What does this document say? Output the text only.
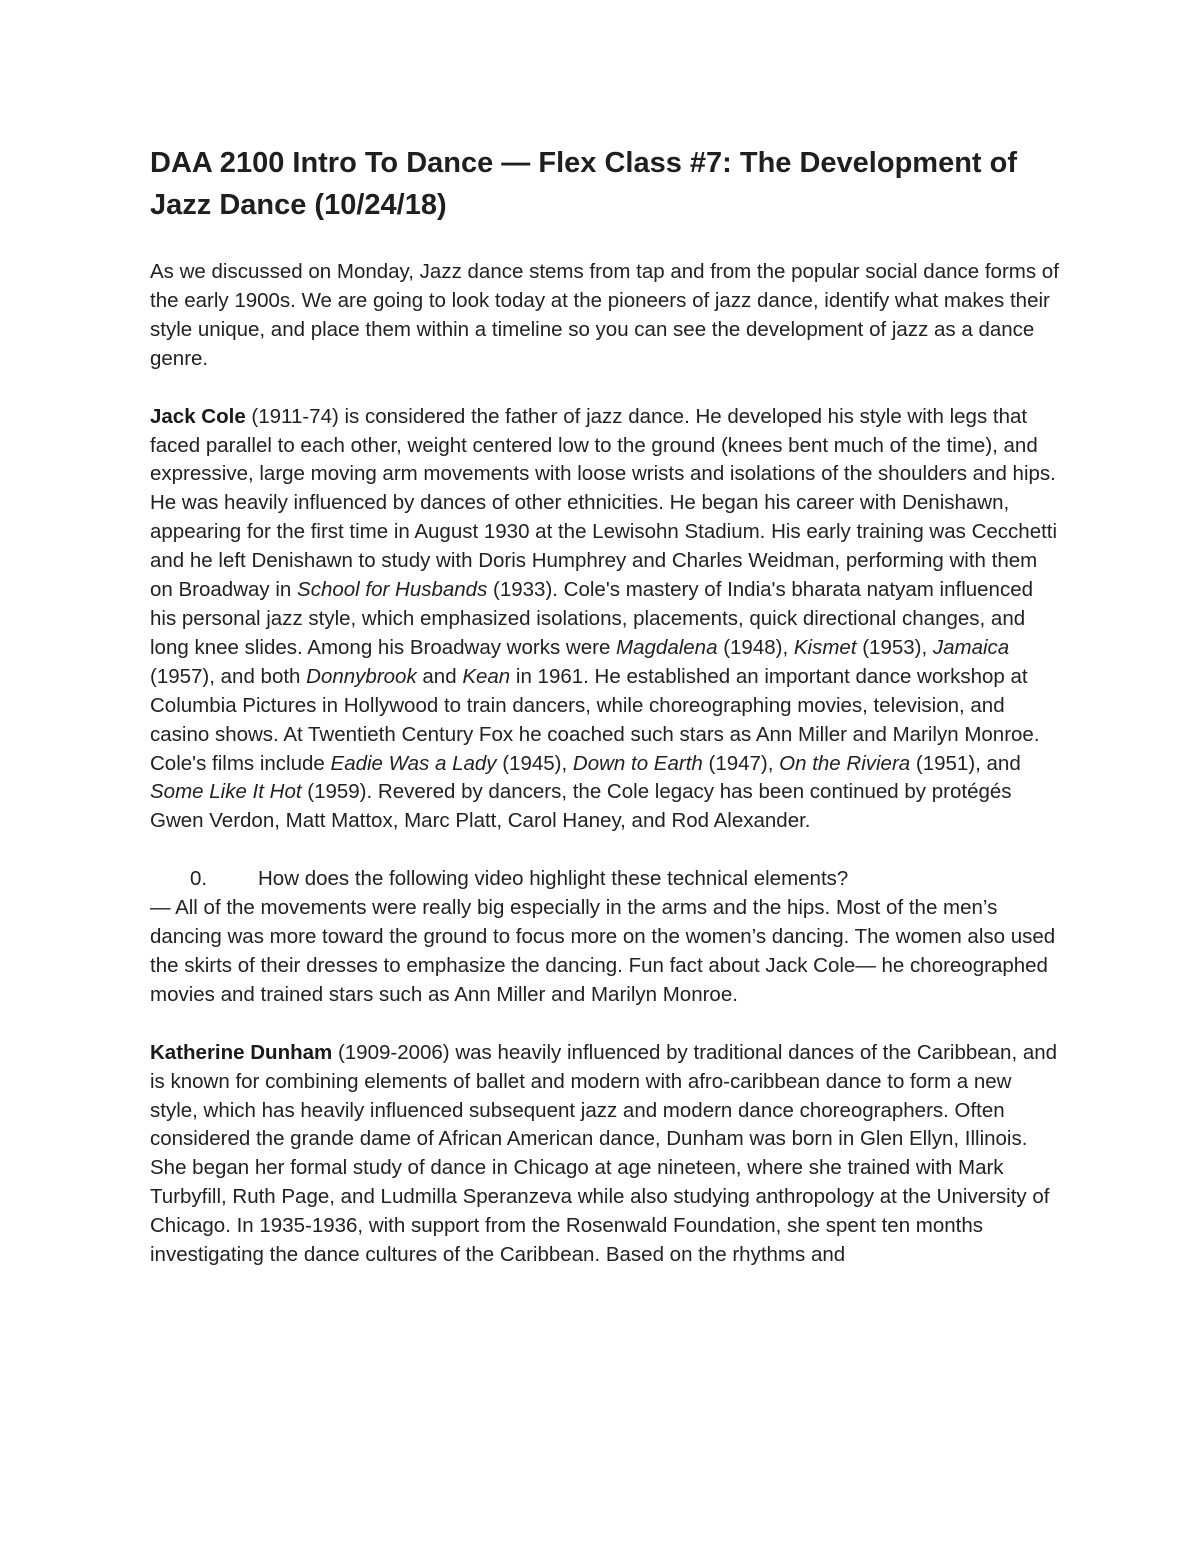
DAA 2100 Intro To Dance — Flex Class #7: The Development of Jazz Dance (10/24/18)

As we discussed on Monday, Jazz dance stems from tap and from the popular social dance forms of the early 1900s. We are going to look today at the pioneers of jazz dance, identify what makes their style unique, and place them within a timeline so you can see the development of jazz as a dance genre.

Jack Cole (1911-74) is considered the father of jazz dance. He developed his style with legs that faced parallel to each other, weight centered low to the ground (knees bent much of the time), and expressive, large moving arm movements with loose wrists and isolations of the shoulders and hips. He was heavily influenced by dances of other ethnicities. He began his career with Denishawn, appearing for the first time in August 1930 at the Lewisohn Stadium. His early training was Cecchetti and he left Denishawn to study with Doris Humphrey and Charles Weidman, performing with them on Broadway in School for Husbands (1933). Cole's mastery of India's bharata natyam influenced his personal jazz style, which emphasized isolations, placements, quick directional changes, and long knee slides. Among his Broadway works were Magdalena (1948), Kismet (1953), Jamaica (1957), and both Donnybrook and Kean in 1961. He established an important dance workshop at Columbia Pictures in Hollywood to train dancers, while choreographing movies, television, and casino shows. At Twentieth Century Fox he coached such stars as Ann Miller and Marilyn Monroe. Cole's films include Eadie Was a Lady (1945), Down to Earth (1947), On the Riviera (1951), and Some Like It Hot (1959). Revered by dancers, the Cole legacy has been continued by protégés Gwen Verdon, Matt Mattox, Marc Platt, Carol Haney, and Rod Alexander.

0.	How does the following video highlight these technical elements?

— All of the movements were really big especially in the arms and the hips. Most of the men’s dancing was more toward the ground to focus more on the women’s dancing. The women also used the skirts of their dresses to emphasize the dancing. Fun fact about Jack Cole— he choreographed movies and trained stars such as Ann Miller and Marilyn Monroe.

Katherine Dunham (1909-2006) was heavily influenced by traditional dances of the Caribbean, and is known for combining elements of ballet and modern with afro-caribbean dance to form a new style, which has heavily influenced subsequent jazz and modern dance choreographers. Often considered the grande dame of African American dance, Dunham was born in Glen Ellyn, Illinois. She began her formal study of dance in Chicago at age nineteen, where she trained with Mark Turbyfill, Ruth Page, and Ludmilla Speranzeva while also studying anthropology at the University of Chicago. In 1935-1936, with support from the Rosenwald Foundation, she spent ten months investigating the dance cultures of the Caribbean. Based on the rhythms and
